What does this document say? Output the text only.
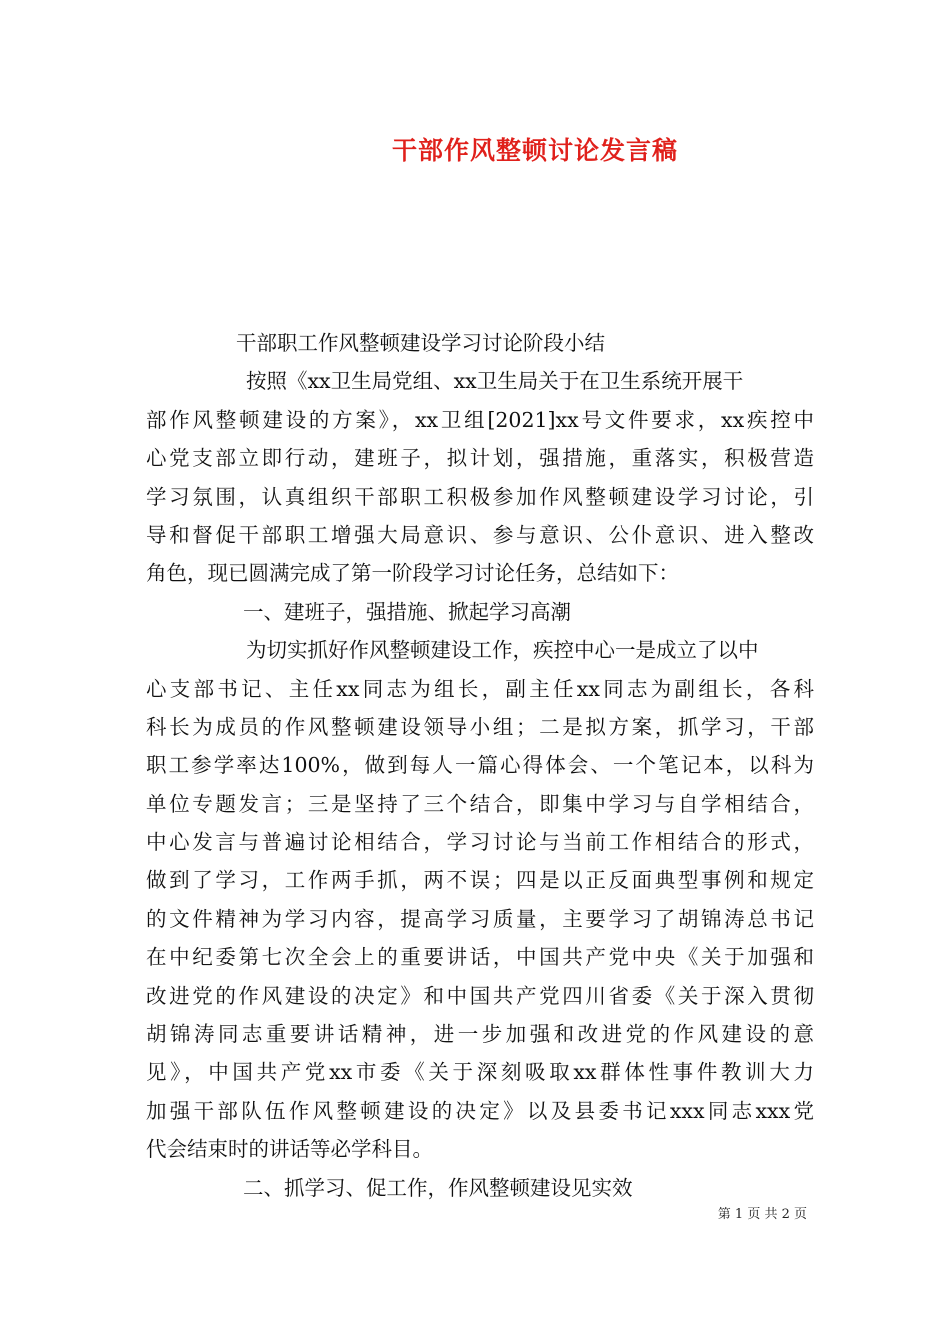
干部作风整顿讨论发言稿
干部职工作风整顿建设学习讨论阶段小结
按照《xx卫生局党组、xx卫生局关于在卫生系统开展干
部作风整顿建设的方案》，xx卫组[2021]xx号文件要求，xx疾控中
心党支部立即行动，建班子，拟计划，强措施，重落实，积极营造
学习氛围，认真组织干部职工积极参加作风整顿建设学习讨论，引
导和督促干部职工增强大局意识、参与意识、公仆意识、进入整改
角色，现已圆满完成了第一阶段学习讨论任务，总结如下：
一、建班子，强措施、掀起学习高潮
为切实抓好作风整顿建设工作，疾控中心一是成立了以中
心支部书记、主任xx同志为组长，副主任xx同志为副组长，各科
科长为成员的作风整顿建设领导小组；二是拟方案，抓学习，干部
职工参学率达100%，做到每人一篇心得体会、一个笔记本，以科为
单位专题发言；三是坚持了三个结合，即集中学习与自学相结合，
中心发言与普遍讨论相结合，学习讨论与当前工作相结合的形式，
做到了学习，工作两手抓，两不误；四是以正反面典型事例和规定
的文件精神为学习内容，提高学习质量，主要学习了胡锦涛总书记
在中纪委第七次全会上的重要讲话，中国共产党中央《关于加强和
改进党的作风建设的决定》和中国共产党四川省委《关于深入贯彻
胡锦涛同志重要讲话精神，进一步加强和改进党的作风建设的意
见》，中国共产党xx市委《关于深刻吸取xx群体性事件教训大力
加强干部队伍作风整顿建设的决定》以及县委书记xxx同志xxx党
代会结束时的讲话等必学科目。
二、抓学习、促工作，作风整顿建设见实效
第 1 页 共 2 页
